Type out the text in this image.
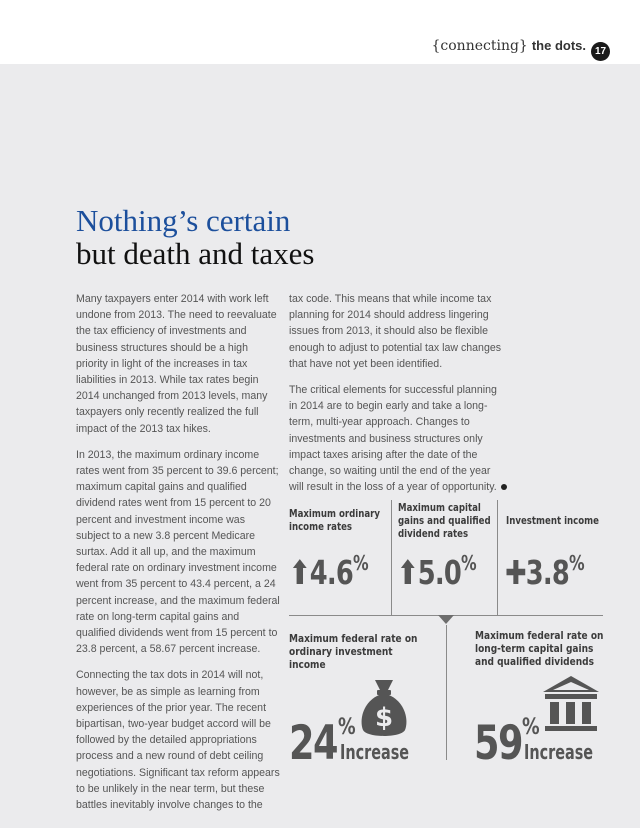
{connecting} the dots. 17
Nothing’s certain
but death and taxes

Many taxpayers enter 2014 with work left undone from 2013. The need to reevaluate the tax efficiency of investments and business structures should be a high priority in light of the increases in tax liabilities in 2013. While tax rates begin 2014 unchanged from 2013 levels, many taxpayers only recently realized the full impact of the 2013 tax hikes.

In 2013, the maximum ordinary income rates went from 35 percent to 39.6 percent; maximum capital gains and qualified dividend rates went from 15 percent to 20 percent and investment income was subject to a new 3.8 percent Medicare surtax. Add it all up, and the maximum federal rate on ordinary investment income went from 35 percent to 43.4 percent, a 24 percent increase, and the maximum federal rate on long-term capital gains and qualified dividends went from 15 percent to 23.8 percent, a 58.67 percent increase.

Connecting the tax dots in 2014 will not, however, be as simple as learning from experiences of the prior year. The recent bipartisan, two-year budget accord will be followed by the detailed appropriations process and a new round of debt ceiling negotiations. Significant tax reform appears to be unlikely in the near term, but these battles inevitably involve changes to the

tax code. This means that while income tax planning for 2014 should address lingering issues from 2013, it should also be flexible enough to adjust to potential tax law changes that have not yet been identified.

The critical elements for successful planning in 2014 are to begin early and take a long-term, multi-year approach. Changes to investments and business structures only impact taxes arising after the date of the change, so waiting until the end of the year will result in the loss of a year of opportunity.

Maximum ordinary income rates
Maximum capital gains and qualified dividend rates
Investment income
⬆4.6% ⬆5.0% ✚3.8%
Maximum federal rate on ordinary investment income
Maximum federal rate on long-term capital gains and qualified dividends
$
24 %
Increase 59 %
Increase
